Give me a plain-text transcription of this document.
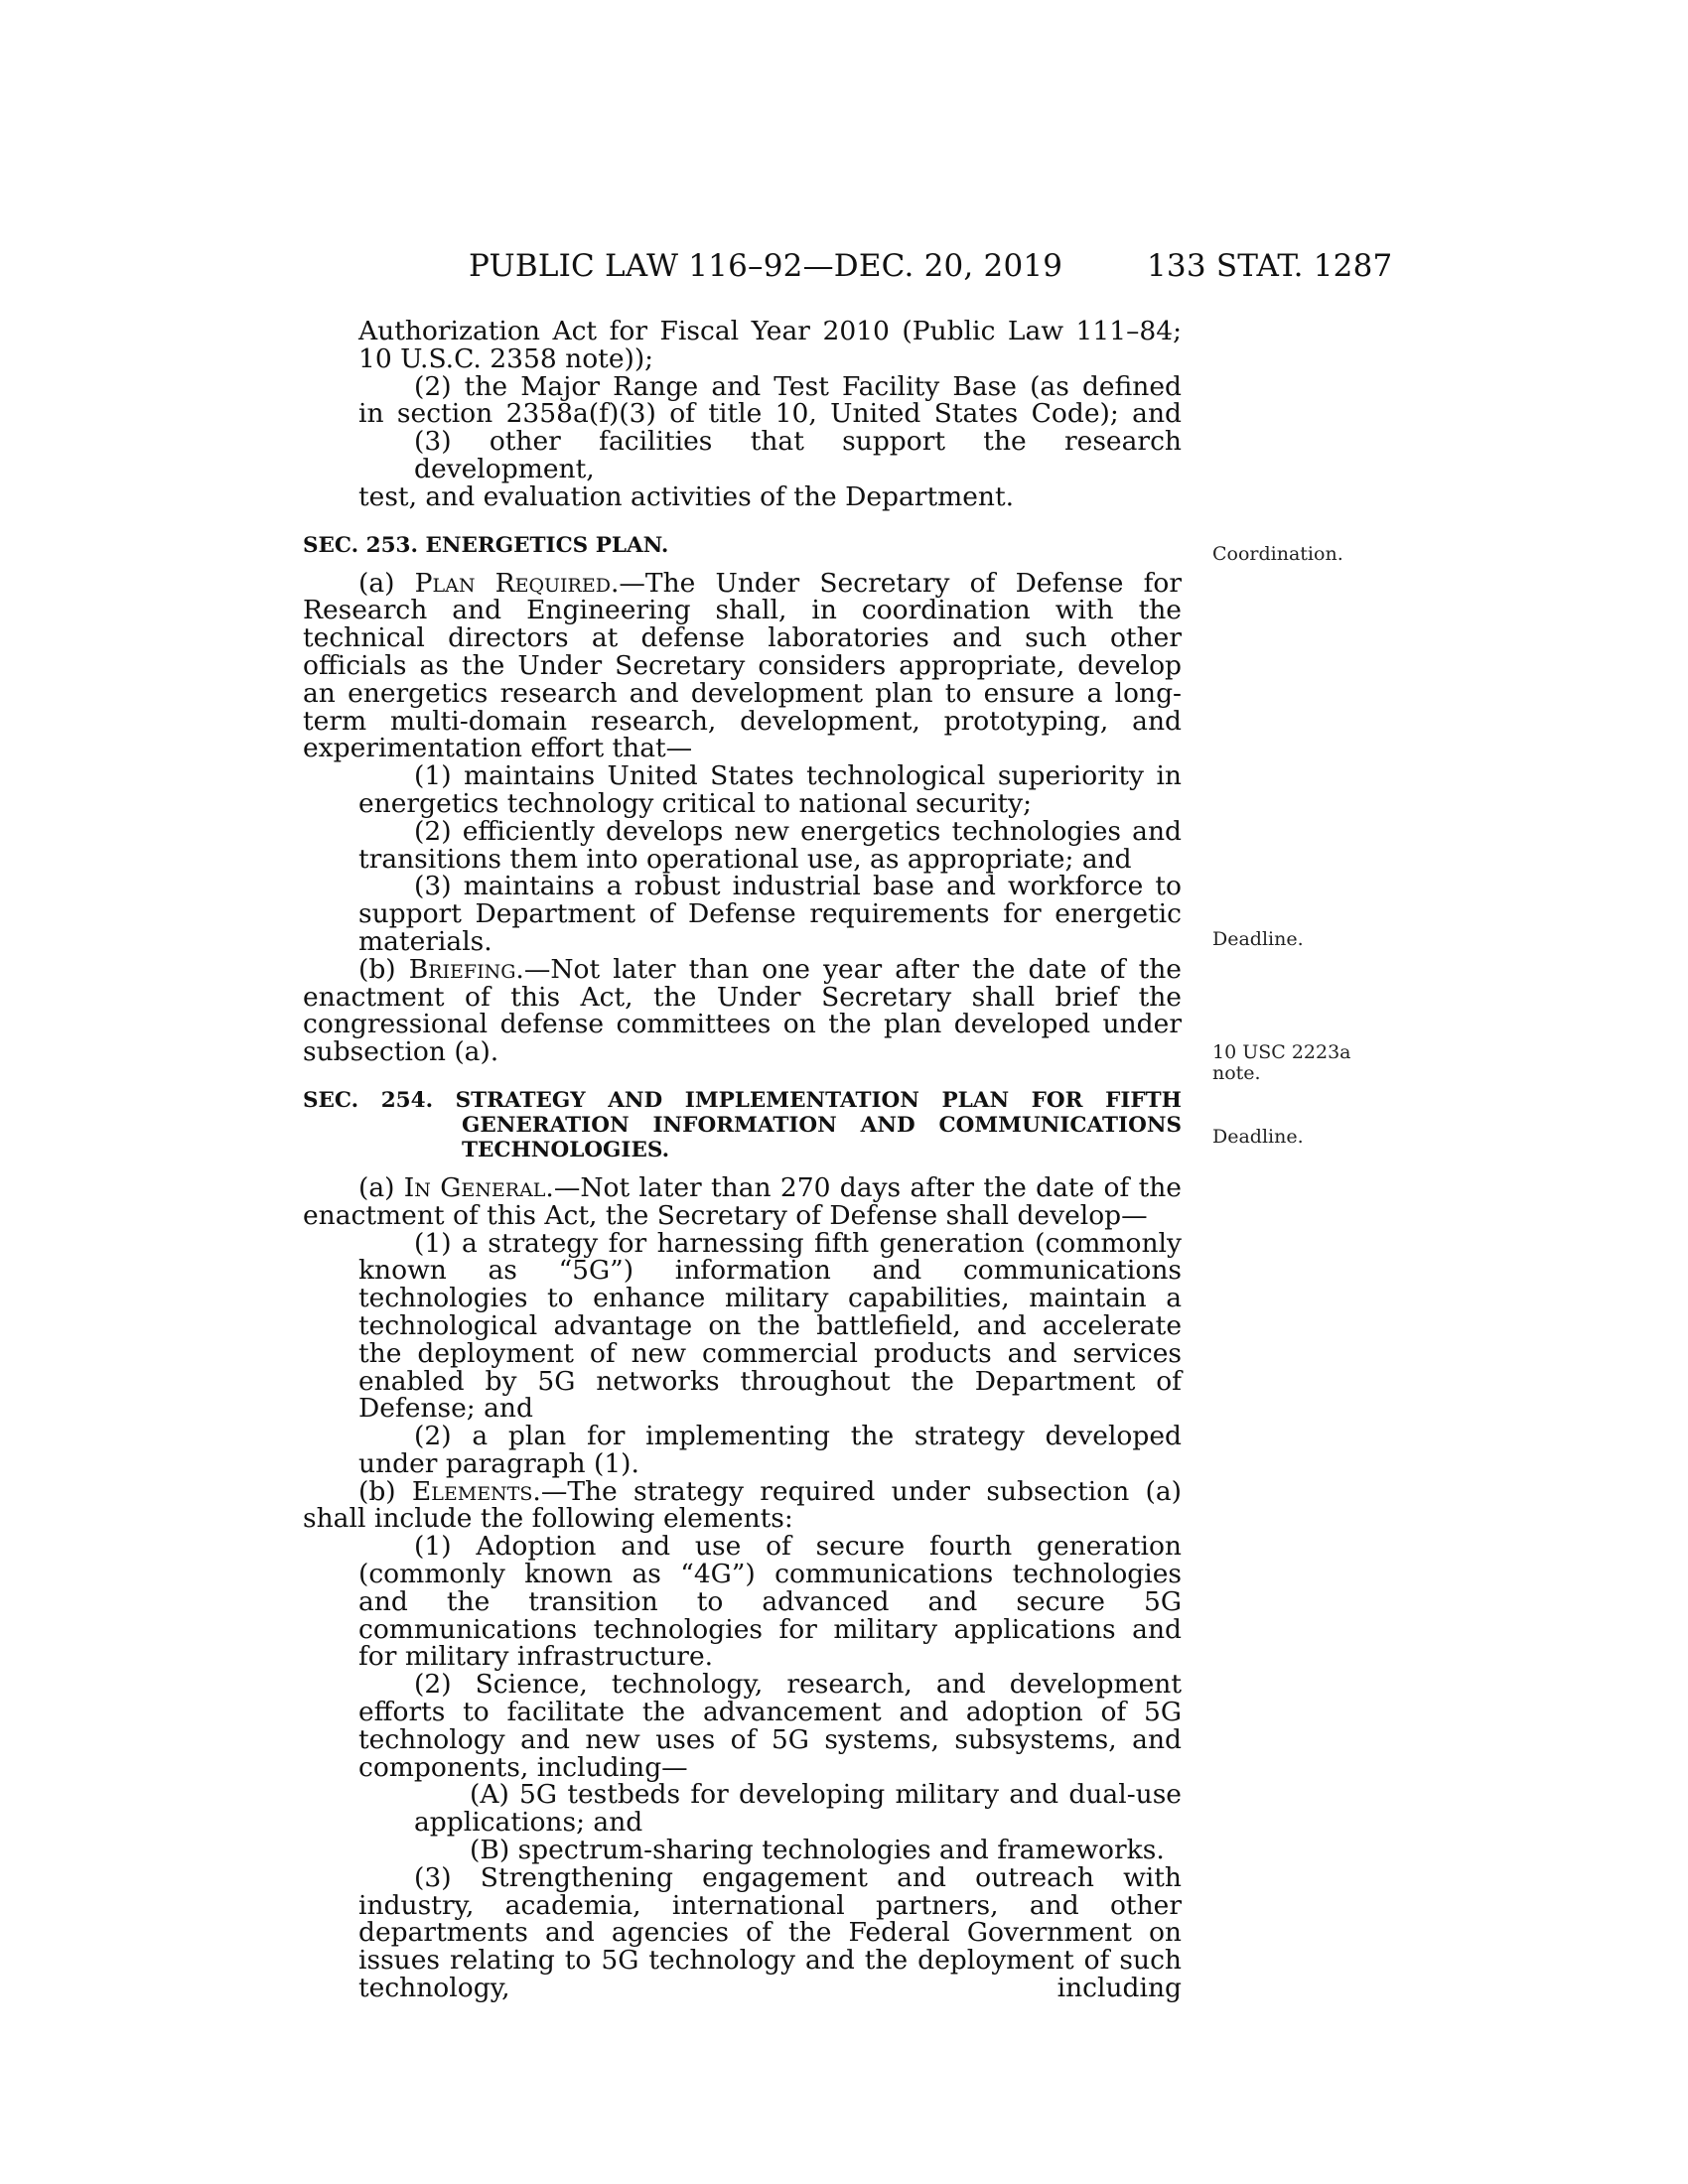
PUBLIC LAW 116–92—DEC. 20, 2019	133 STAT. 1287
Authorization Act for Fiscal Year 2010 (Public Law 111–84;
10 U.S.C. 2358 note));
(2) the Major Range and Test Facility Base (as defined
in section 2358a(f)(3) of title 10, United States Code); and
(3) other facilities that support the research development,
test, and evaluation activities of the Department.
SEC. 253. ENERGETICS PLAN.
(a) Plan Required.—The Under Secretary of Defense for Research and Engineering shall, in coordination with the technical directors at defense laboratories and such other officials as the Under Secretary considers appropriate, develop an energetics research and development plan to ensure a long-term multi-domain research, development, prototyping, and experimentation effort that—
(1) maintains United States technological superiority in energetics technology critical to national security;
(2) efficiently develops new energetics technologies and transitions them into operational use, as appropriate; and
(3) maintains a robust industrial base and workforce to support Department of Defense requirements for energetic materials.
(b) Briefing.—Not later than one year after the date of the enactment of this Act, the Under Secretary shall brief the congressional defense committees on the plan developed under subsection (a).
SEC. 254. STRATEGY AND IMPLEMENTATION PLAN FOR FIFTH GENERATION INFORMATION AND COMMUNICATIONS TECHNOLOGIES.
(a) In General.—Not later than 270 days after the date of the enactment of this Act, the Secretary of Defense shall develop—
(1) a strategy for harnessing fifth generation (commonly known as “5G”) information and communications technologies to enhance military capabilities, maintain a technological advantage on the battlefield, and accelerate the deployment of new commercial products and services enabled by 5G networks throughout the Department of Defense; and
(2) a plan for implementing the strategy developed under paragraph (1).
(b) Elements.—The strategy required under subsection (a) shall include the following elements:
(1) Adoption and use of secure fourth generation (commonly known as “4G”) communications technologies and the transition to advanced and secure 5G communications technologies for military applications and for military infrastructure.
(2) Science, technology, research, and development efforts to facilitate the advancement and adoption of 5G technology and new uses of 5G systems, subsystems, and components, including—
(A) 5G testbeds for developing military and dual-use applications; and
(B) spectrum-sharing technologies and frameworks.
(3) Strengthening engagement and outreach with industry, academia, international partners, and other departments and agencies of the Federal Government on issues relating to 5G technology and the deployment of such technology, including
Coordination.
Deadline.
10 USC 2223a
note.
Deadline.
